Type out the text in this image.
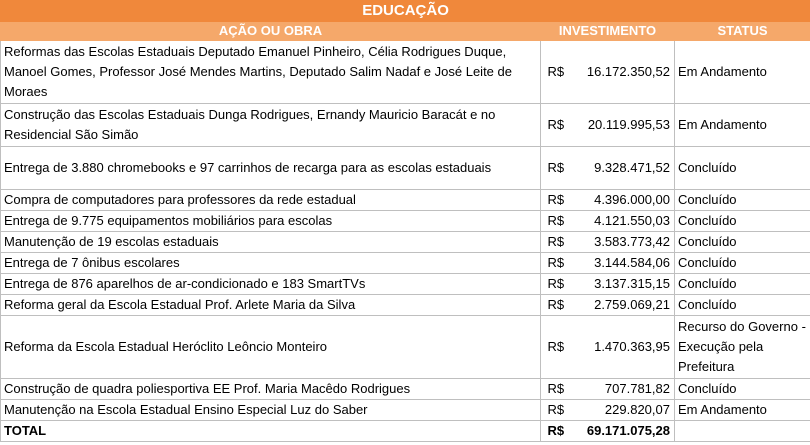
EDUCAÇÃO			
AÇÃO OU OBRA	INVESTIMENTO		STATUS
Reformas das Escolas Estaduais Deputado Emanuel Pinheiro, Célia Rodrigues Duque, Manoel Gomes, Professor José Mendes Martins, Deputado Salim Nadaf e José Leite de Moraes	R$	16.172.350,52	Em Andamento
Construção das Escolas Estaduais Dunga Rodrigues, Ernandy Mauricio Baracát e no Residencial São Simão	R$	20.119.995,53	Em Andamento
Entrega de 3.880 chromebooks e 97 carrinhos de recarga para as escolas estaduais	R$	9.328.471,52	Concluído
Compra de computadores para professores da rede estadual	R$	4.396.000,00	Concluído
Entrega de 9.775 equipamentos mobiliários para escolas	R$	4.121.550,03	Concluído
Manutenção de 19 escolas estaduais	R$	3.583.773,42	Concluído
Entrega de 7 ônibus escolares	R$	3.144.584,06	Concluído
Entrega de 876 aparelhos de ar-condicionado e 183 SmartTVs	R$	3.137.315,15	Concluído
Reforma geral da Escola Estadual Prof. Arlete Maria da Silva	R$	2.759.069,21	Concluído
Reforma da Escola Estadual Heróclito Leôncio Monteiro	R$	1.470.363,95	Recurso do Governo - Execução pela Prefeitura
Construção de quadra poliesportiva EE Prof. Maria Macêdo Rodrigues	R$	707.781,82	Concluído
Manutenção na Escola Estadual Ensino Especial Luz do Saber	R$	229.820,07	Em Andamento
TOTAL	R$	69.171.075,28	
